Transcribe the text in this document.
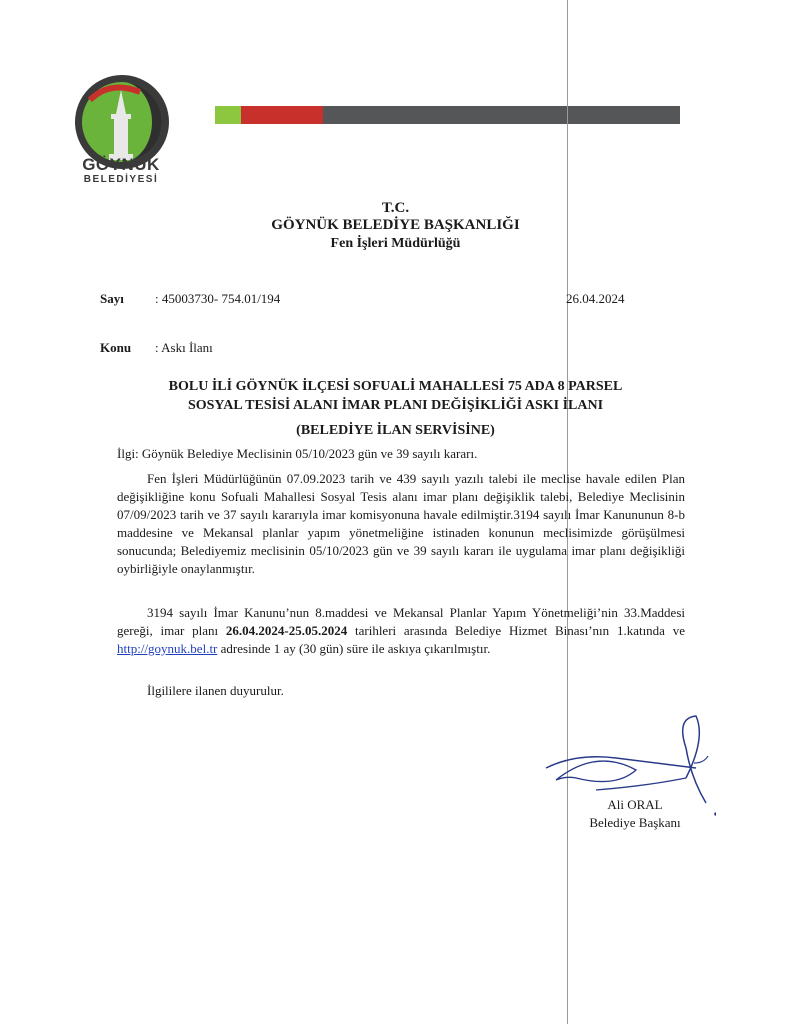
GÖYNÜK
BELEDİYESİ
T.C.
GÖYNÜK BELEDİYE BAŞKANLIĞI
Fen İşleri Müdürlüğü
Sayı : 45003730- 754.01/194	26.04.2024
Konu : Askı İlanı
BOLU İLİ GÖYNÜK İLÇESİ SOFUALİ MAHALLESİ 75 ADA 8 PARSEL
SOSYAL TESİSİ ALANI İMAR PLANI DEĞİŞİKLİĞİ ASKI İLANI
(BELEDİYE İLAN SERVİSİNE)
İlgi: Göynük Belediye Meclisinin 05/10/2023 gün ve 39 sayılı kararı.
Fen İşleri Müdürlüğünün 07.09.2023 tarih ve 439 sayılı yazılı talebi ile meclise havale edilen Plan değişikliğine konu Sofuali Mahallesi Sosyal Tesis alanı imar planı değişiklik talebi, Belediye Meclisinin 07/09/2023 tarih ve 37 sayılı kararıyla imar komisyonuna havale edilmiştir.3194 sayılı İmar Kanununun 8-b maddesine ve Mekansal planlar yapım yönetmeliğine istinaden konunun meclisimizde görüşülmesi sonucunda; Belediyemiz meclisinin 05/10/2023 gün ve 39 sayılı kararı ile uygulama imar planı değişikliği oybirliğiyle onaylanmıştır.
3194 sayılı İmar Kanunu’nun 8.maddesi ve Mekansal Planlar Yapım Yönetmeliği’nin 33.Maddesi gereği, imar planı 26.04.2024-25.05.2024 tarihleri arasında Belediye Hizmet Binası’nın 1.katında ve http://goynuk.bel.tr adresinde 1 ay (30 gün) süre ile askıya çıkarılmıştır.
İlgililere ilanen duyurulur.
Ali ORAL
Belediye Başkanı
